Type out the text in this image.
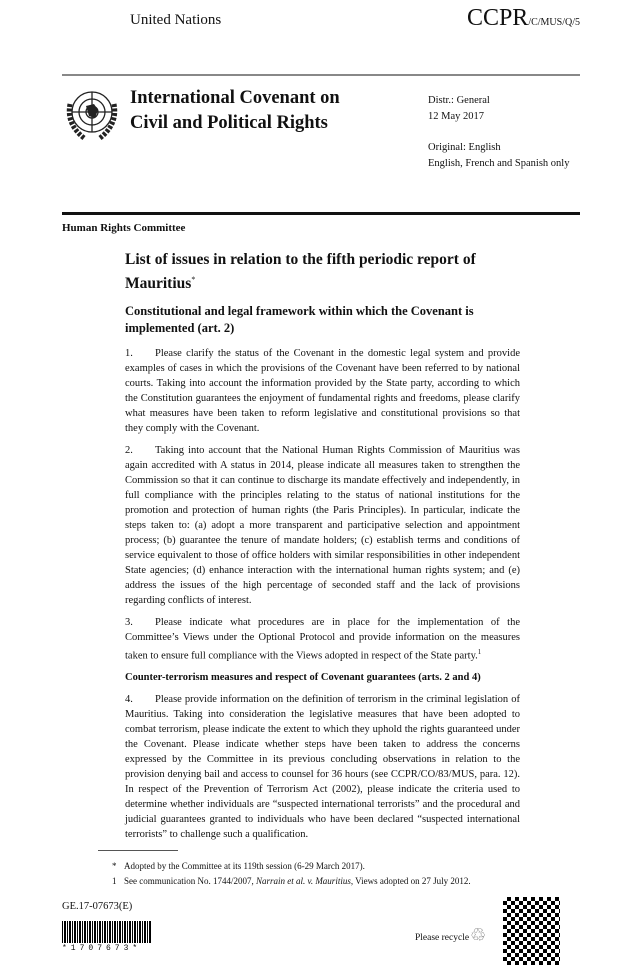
United Nations	CCPR/C/MUS/Q/5
International Covenant on
Civil and Political Rights
Distr.: General
12 May 2017
Original: English
English, French and Spanish only
Human Rights Committee
List of issues in relation to the fifth periodic report of Mauritius*
Constitutional and legal framework within which the Covenant is implemented (art. 2)

1. Please clarify the status of the Covenant in the domestic legal system and provide examples of cases in which the provisions of the Covenant have been referred to by national courts. Taking into account the information provided by the State party, according to which the Constitution guarantees the enjoyment of fundamental rights and freedoms, please clarify what measures have been taken to reform legislative and constitutional provisions so that they comply with the Covenant.

2. Taking into account that the National Human Rights Commission of Mauritius was again accredited with A status in 2014, please indicate all measures taken to strengthen the Commission so that it can continue to discharge its mandate effectively and independently, in full compliance with the principles relating to the status of national institutions for the promotion and protection of human rights (the Paris Principles). In particular, indicate the steps taken to: (a) adopt a more transparent and participative selection and appointment process; (b) guarantee the tenure of mandate holders; (c) establish terms and conditions of service equivalent to those of office holders with similar responsibilities in other independent State agencies; (d) enhance interaction with the international human rights system; and (e) address the issues of the high percentage of seconded staff and the lack of provisions regarding conflicts of interest.

3. Please indicate what procedures are in place for the implementation of the Committee’s Views under the Optional Protocol and provide information on the measures taken to ensure full compliance with the Views adopted in respect of the State party.$^1$

Counter-terrorism measures and respect of Covenant guarantees (arts. 2 and 4)

4. Please provide information on the definition of terrorism in the criminal legislation of Mauritius. Taking into consideration the legislative measures that have been adopted to combat terrorism, please indicate the extent to which they uphold the rights guaranteed under the Covenant. Please indicate whether steps have been taken to address the concerns expressed by the Committee in its previous concluding observations in relation to the provision denying bail and access to counsel for 36 hours (see CCPR/CO/83/MUS, para. 12). In respect of the Prevention of Terrorism Act (2002), please indicate the criteria used to determine whether individuals are “suspected international terrorists” and the procedural and judicial guarantees granted to individuals who have been declared “suspected international terrorists” to challenge such a qualification.

* Adopted by the Committee at its 119th session (6-29 March 2017).
1 See communication No. 1744/2007, Narrain et al. v. Mauritius, Views adopted on 27 July 2012.
GE.17-07673(E)
*1707673*
Please recycle ♲
